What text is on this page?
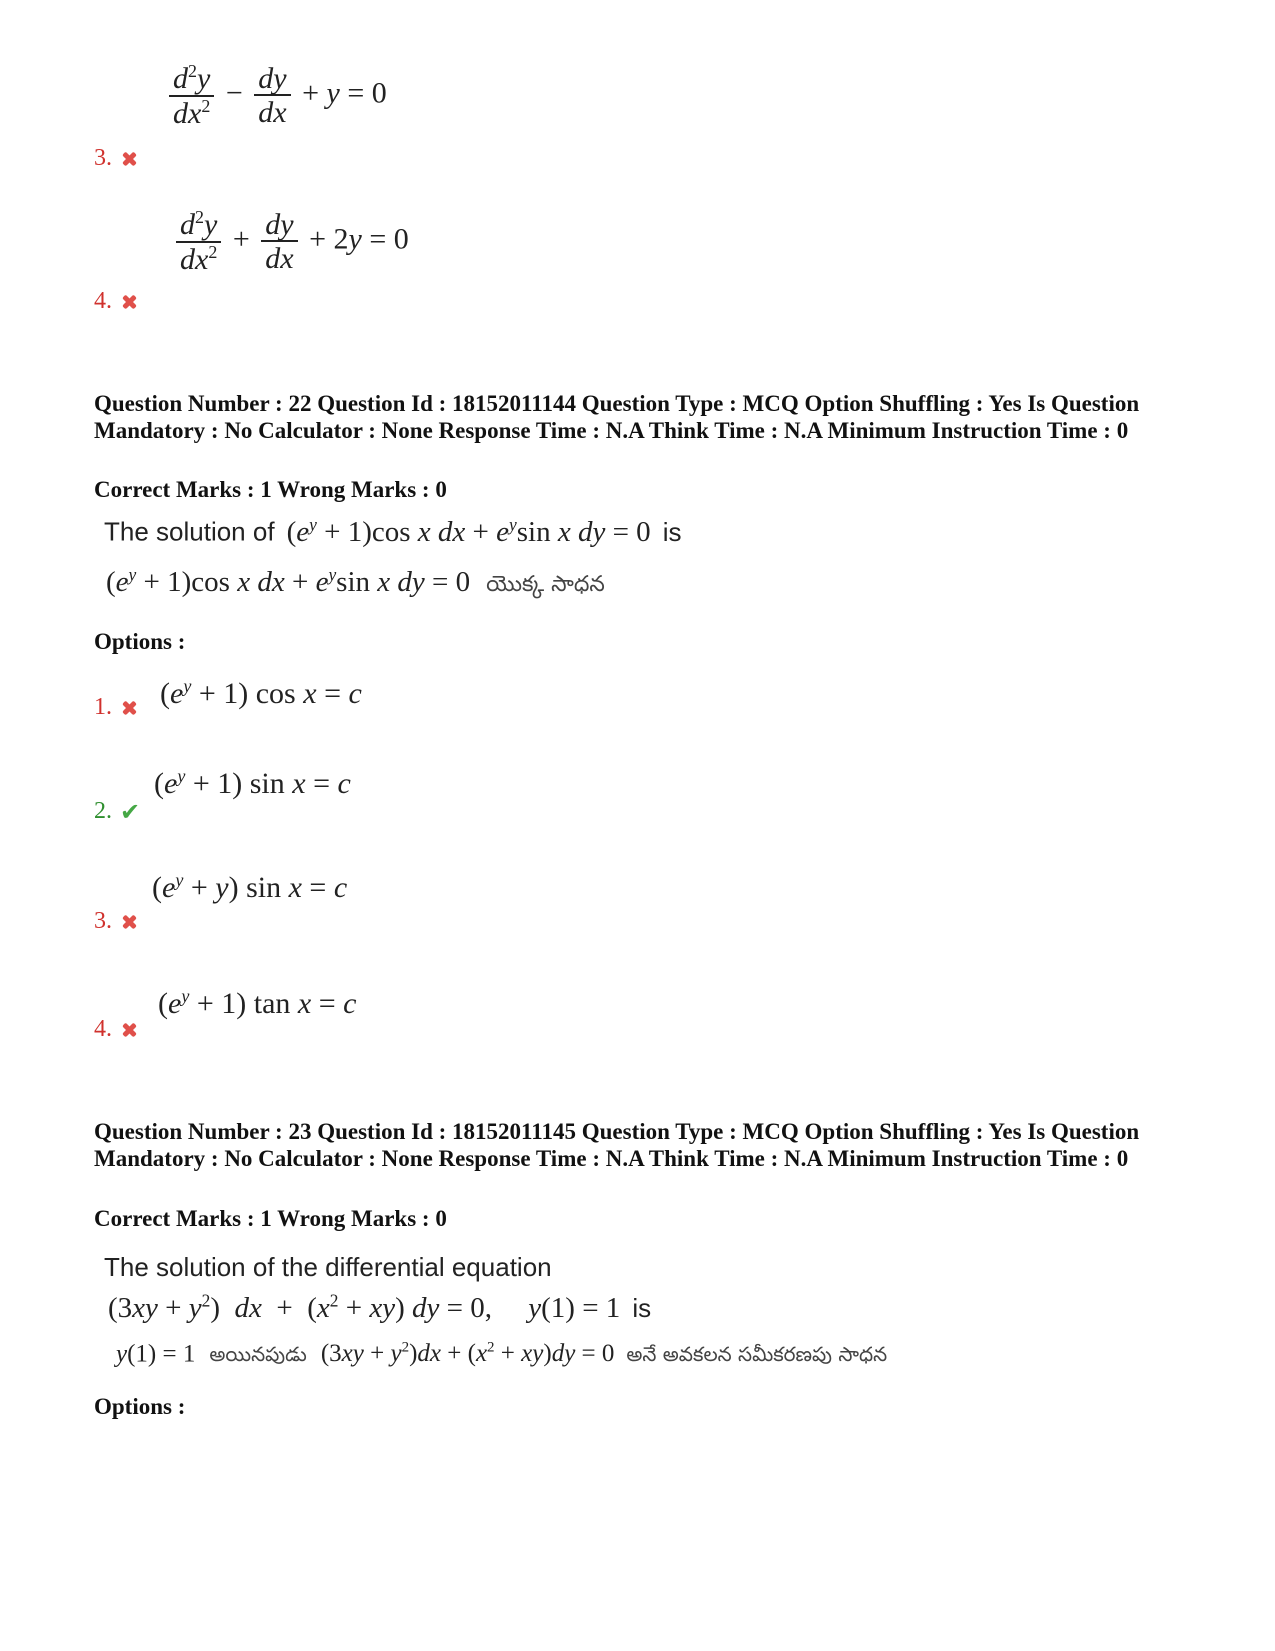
$\frac{d^2y}{dx^2} - \frac{dy}{dx} + y = 0$
3.
$\frac{d^2y}{dx^2} + \frac{dy}{dx} + 2y = 0$
4.
Question Number : 22 Question Id : 18152011144 Question Type : MCQ Option Shuffling : Yes Is Question Mandatory : No Calculator : None Response Time : N.A Think Time : N.A Minimum Instruction Time : 0
Correct Marks : 1 Wrong Marks : 0
The solution of $(e^y + 1)\cos$ x dx + $e^y\sin$ x dy = 0 is
$(e^y + 1)\cos$ x dx + $e^y\sin$ x dy = 0 యొక్క సాధన
Options :
1. $(e^y + 1)$ cos x = c
$(e^y + 1)$ sin x = c
2. ✔
$(e^y + y)$ sin x = c
3.
$(e^y + 1)$ tan x = c
4.
Question Number : 23 Question Id : 18152011145 Question Type : MCQ Option Shuffling : Yes Is Question Mandatory : No Calculator : None Response Time : N.A Think Time : N.A Minimum Instruction Time : 0
Correct Marks : 1 Wrong Marks : 0
The solution of the differential equation
$(3xy + y^2)$  dx  +  $(x^2 + xy)$ dy = 0,     y(1) = 1 is
y(1) = 1 అయినపుడు $(3xy + y^2)dx + (x^2 + xy)dy = 0$ అనే అవకలన సమీకరణపు సాధన
Options :
